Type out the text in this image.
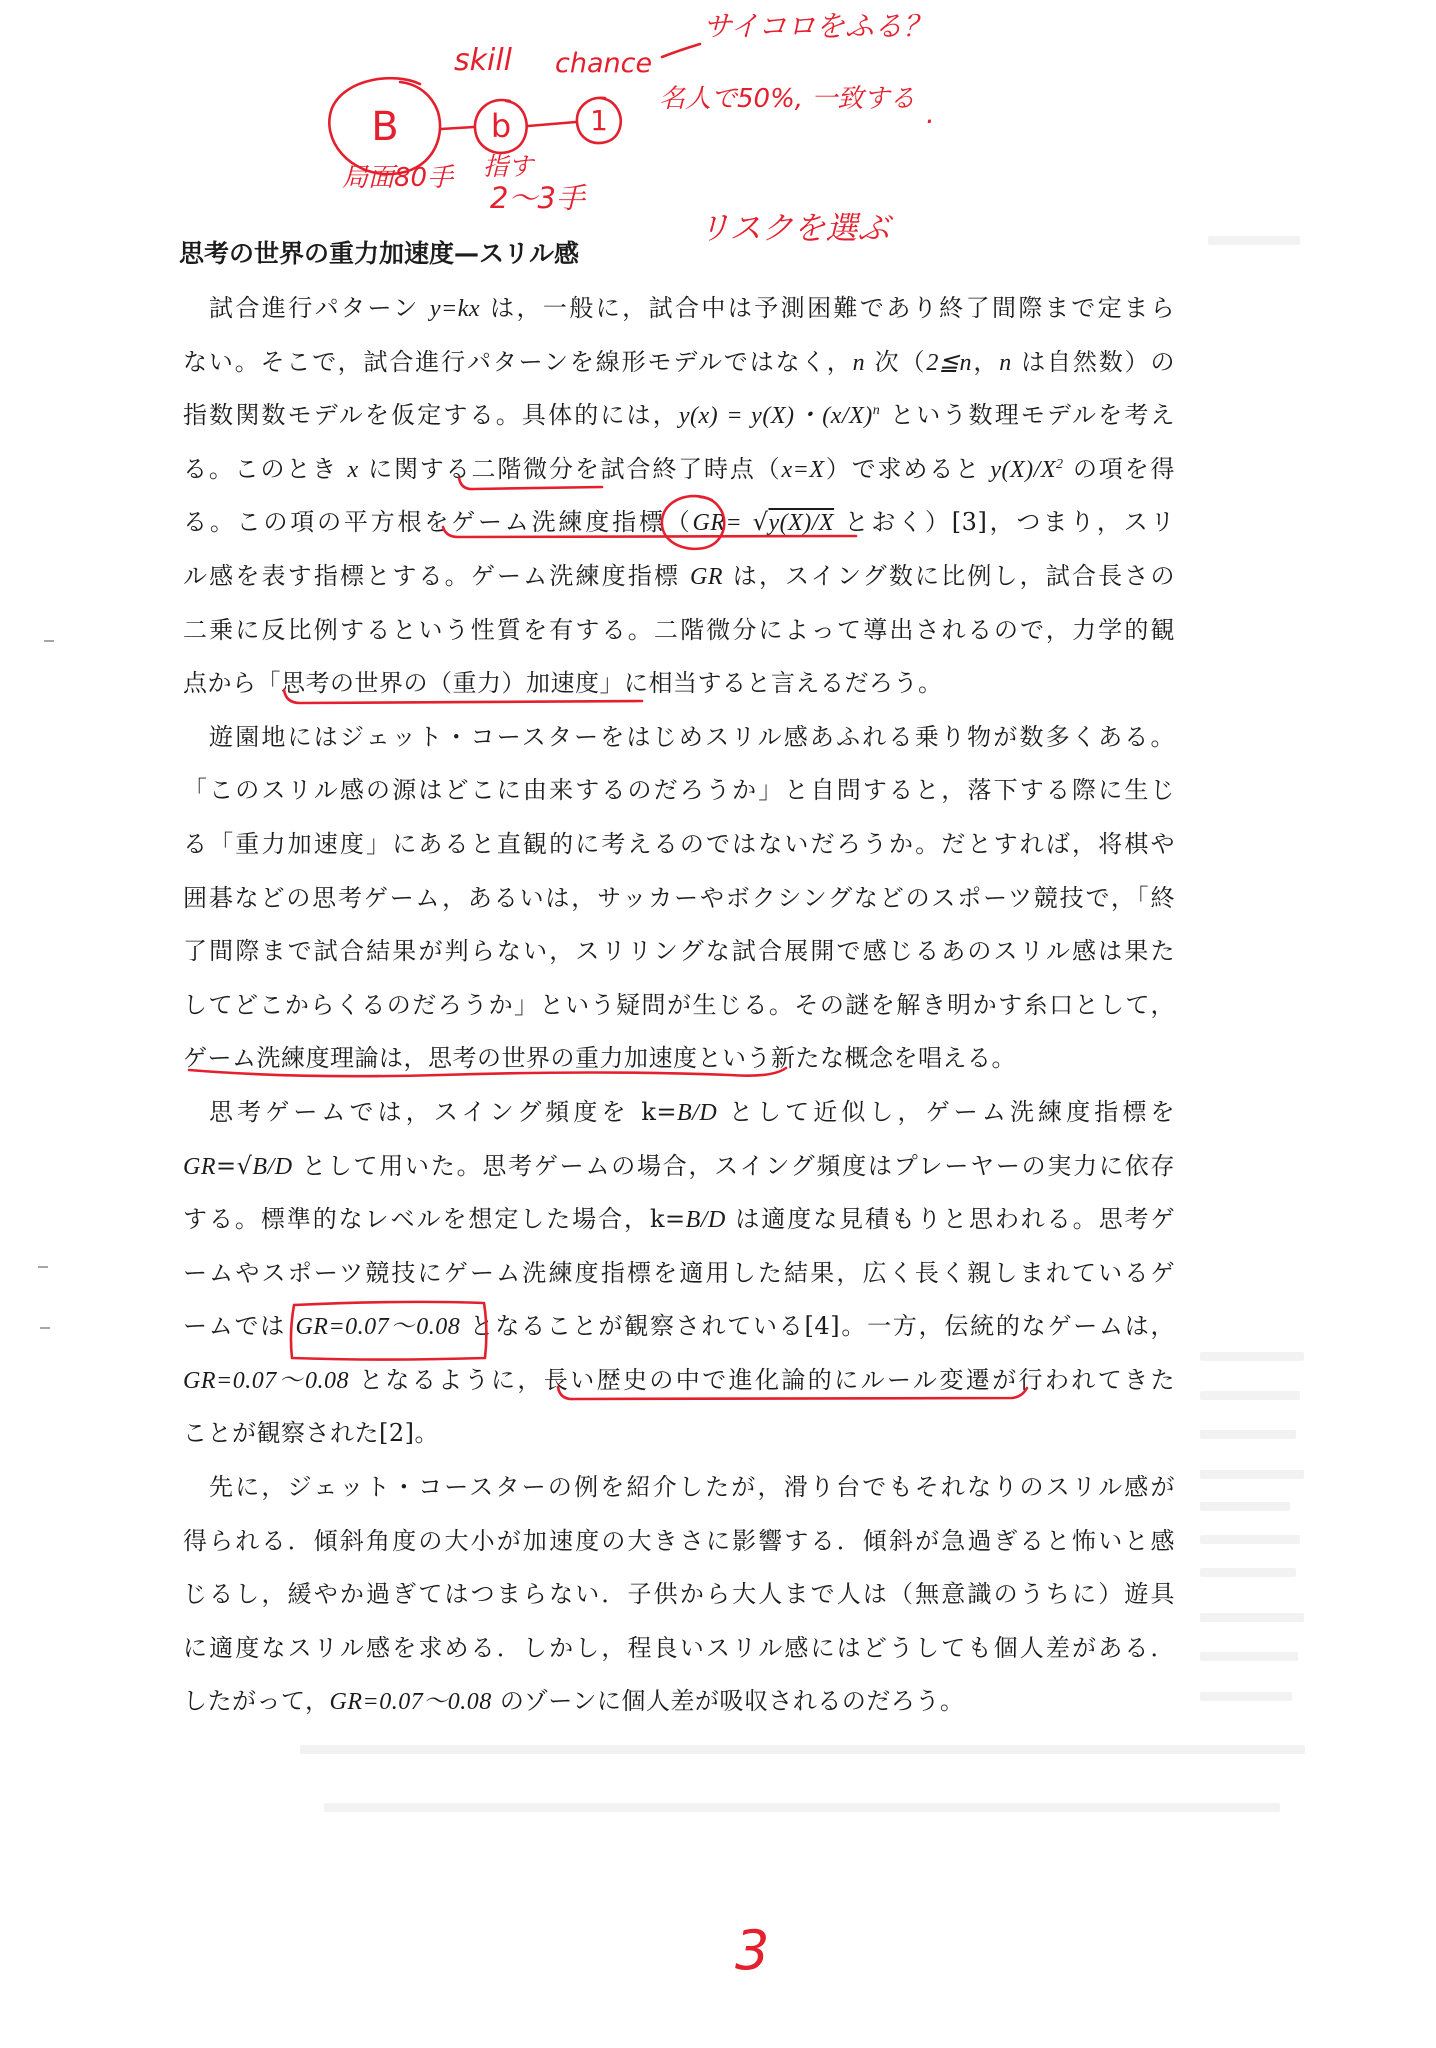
skill chance
サイコロをふる？
B	b	1
名人で50%, 一致する .
局面80手 指す
2〜3手
リスクを選ぶ
3
思考の世界の重力加速度—スリル感
試合進行パターン y=kx は，一般に，試合中は予測困難であり終了間際まで定まら
ない。そこで，試合進行パターンを線形モデルではなく，n 次（2≦n，n は自然数）の
指数関数モデルを仮定する。具体的には，y(x) = y(X)・$(x/X)^n$ という数理モデルを考え
る。このとき x に関する二階微分を試合終了時点（x=X）で求めると $y(X)/X^2$ の項を得
る。この項の平方根をゲーム洗練度指標（GR= √y(X)/X とおく）[3]，つまり，スリ
ル感を表す指標とする。ゲーム洗練度指標 GR は，スイング数に比例し，試合長さの
二乗に反比例するという性質を有する。二階微分によって導出されるので，力学的観
点から「思考の世界の（重力）加速度」に相当すると言えるだろう。
遊園地にはジェット・コースターをはじめスリル感あふれる乗り物が数多くある。
「このスリル感の源はどこに由来するのだろうか」と自問すると，落下する際に生じ
る「重力加速度」にあると直観的に考えるのではないだろうか。だとすれば，将棋や
囲碁などの思考ゲーム，あるいは，サッカーやボクシングなどのスポーツ競技で，「終
了間際まで試合結果が判らない，スリリングな試合展開で感じるあのスリル感は果た
してどこからくるのだろうか」という疑問が生じる。その謎を解き明かす糸口として，
ゲーム洗練度理論は，思考の世界の重力加速度という新たな概念を唱える。
思考ゲームでは，スイング頻度を k=B/D として近似し，ゲーム洗練度指標を
GR=√B/D として用いた。思考ゲームの場合，スイング頻度はプレーヤーの実力に依存
する。標準的なレベルを想定した場合，k=B/D は適度な見積もりと思われる。思考ゲ
ームやスポーツ競技にゲーム洗練度指標を適用した結果，広く長く親しまれているゲ
ームでは GR=0.07〜0.08 となることが観察されている[4]。一方，伝統的なゲームは，
GR=0.07〜0.08 となるように，長い歴史の中で進化論的にルール変遷が行われてきた
ことが観察された[2]。
先に，ジェット・コースターの例を紹介したが，滑り台でもそれなりのスリル感が
得られる．傾斜角度の大小が加速度の大きさに影響する．傾斜が急過ぎると怖いと感
じるし，緩やか過ぎてはつまらない．子供から大人まで人は（無意識のうちに）遊具
に適度なスリル感を求める．しかし，程良いスリル感にはどうしても個人差がある．
したがって，GR=0.07〜0.08 のゾーンに個人差が吸収されるのだろう。
